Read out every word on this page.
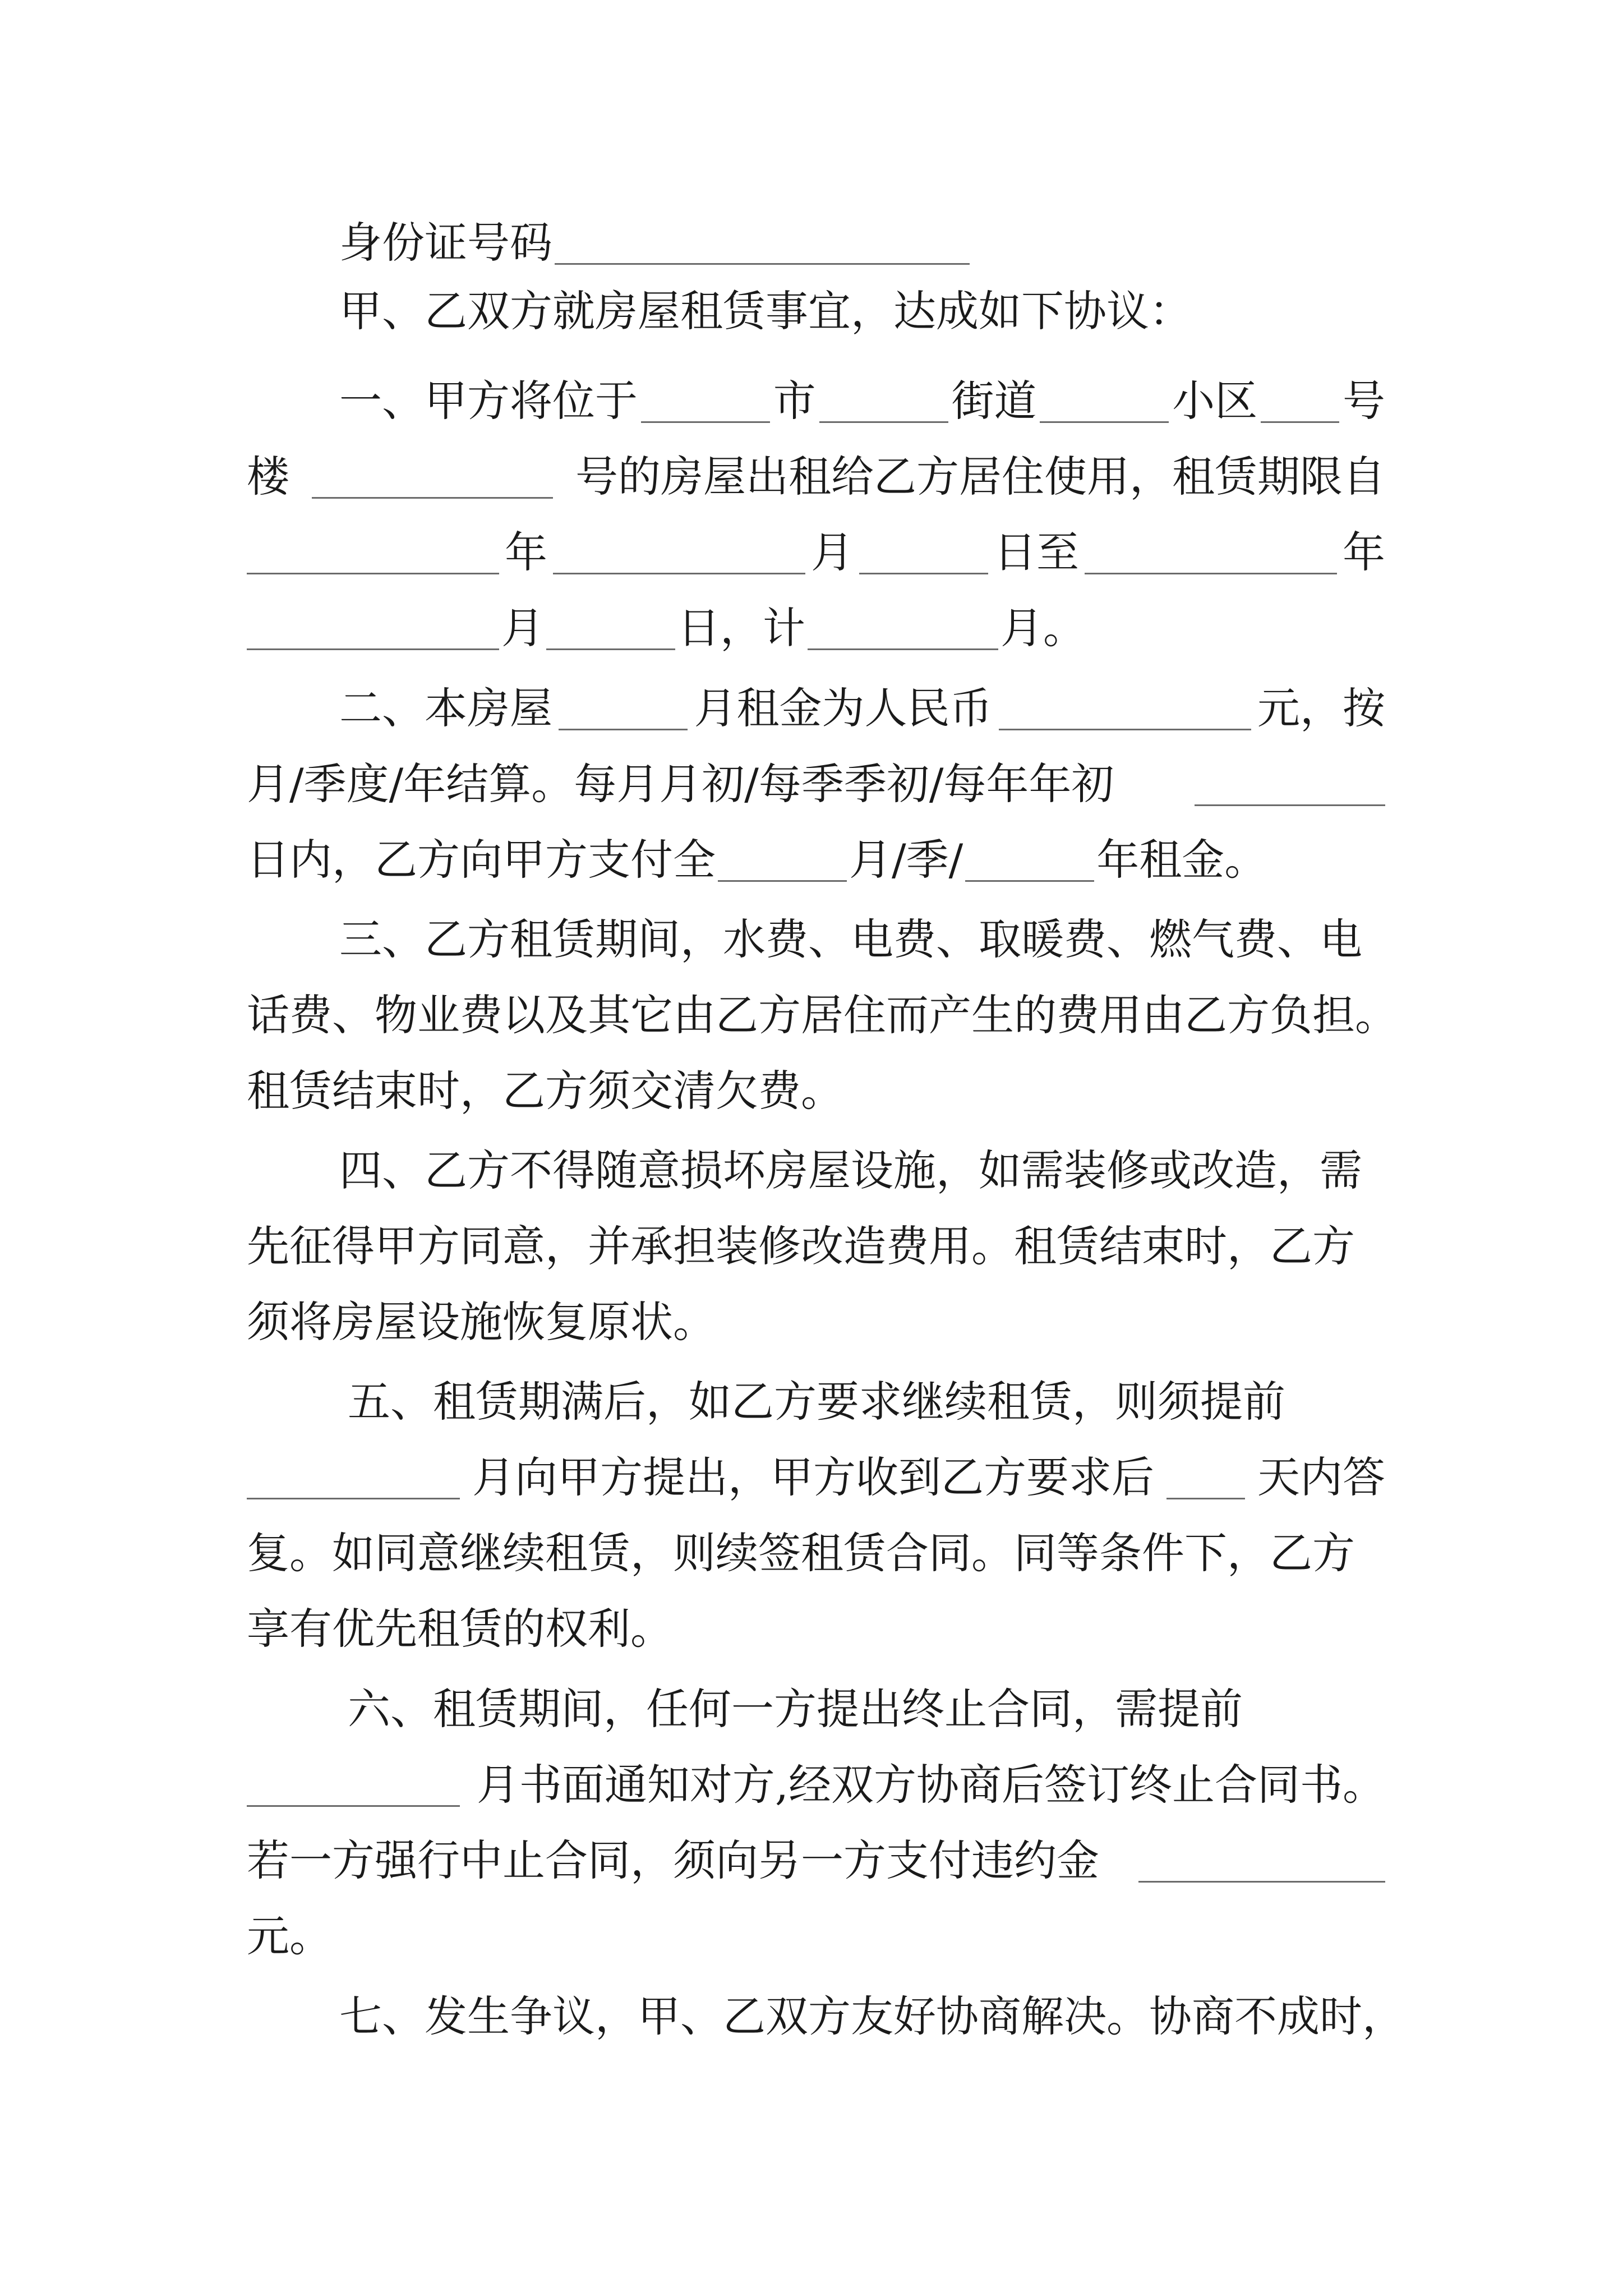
身份证号码
甲、乙双方就房屋租赁事宜，达成如下协议：
一、甲方将位于	市	街道	小区 号
楼	号的房屋出租给乙方居住使用，租赁期限自
年	月	日至	年
月	日，计	月。
二、本房屋	月租金为人民币	元，按
月/季度/年结算。每月月初/每季季初/每年年初
日内，乙方向甲方支付全	月/季/	年租金。
三、乙方租赁期间，水费、电费、取暖费、燃气费、电
话费、物业费以及其它由乙方居住而产生的费用由乙方负担。
租赁结束时，乙方须交清欠费。
四、乙方不得随意损坏房屋设施，如需装修或改造，需
先征得甲方同意，并承担装修改造费用。租赁结束时，乙方
须将房屋设施恢复原状。
五、租赁期满后，如乙方要求继续租赁，则须提前
月向甲方提出，甲方收到乙方要求后 天内答
复。如同意继续租赁，则续签租赁合同。同等条件下，乙方
享有优先租赁的权利。
六、租赁期间，任何一方提出终止合同，需提前
月书面通知对方,经双方协商后签订终止合同书。
若一方强行中止合同，须向另一方支付违约金
元。
七、发生争议，甲、乙双方友好协商解决。协商不成时，
